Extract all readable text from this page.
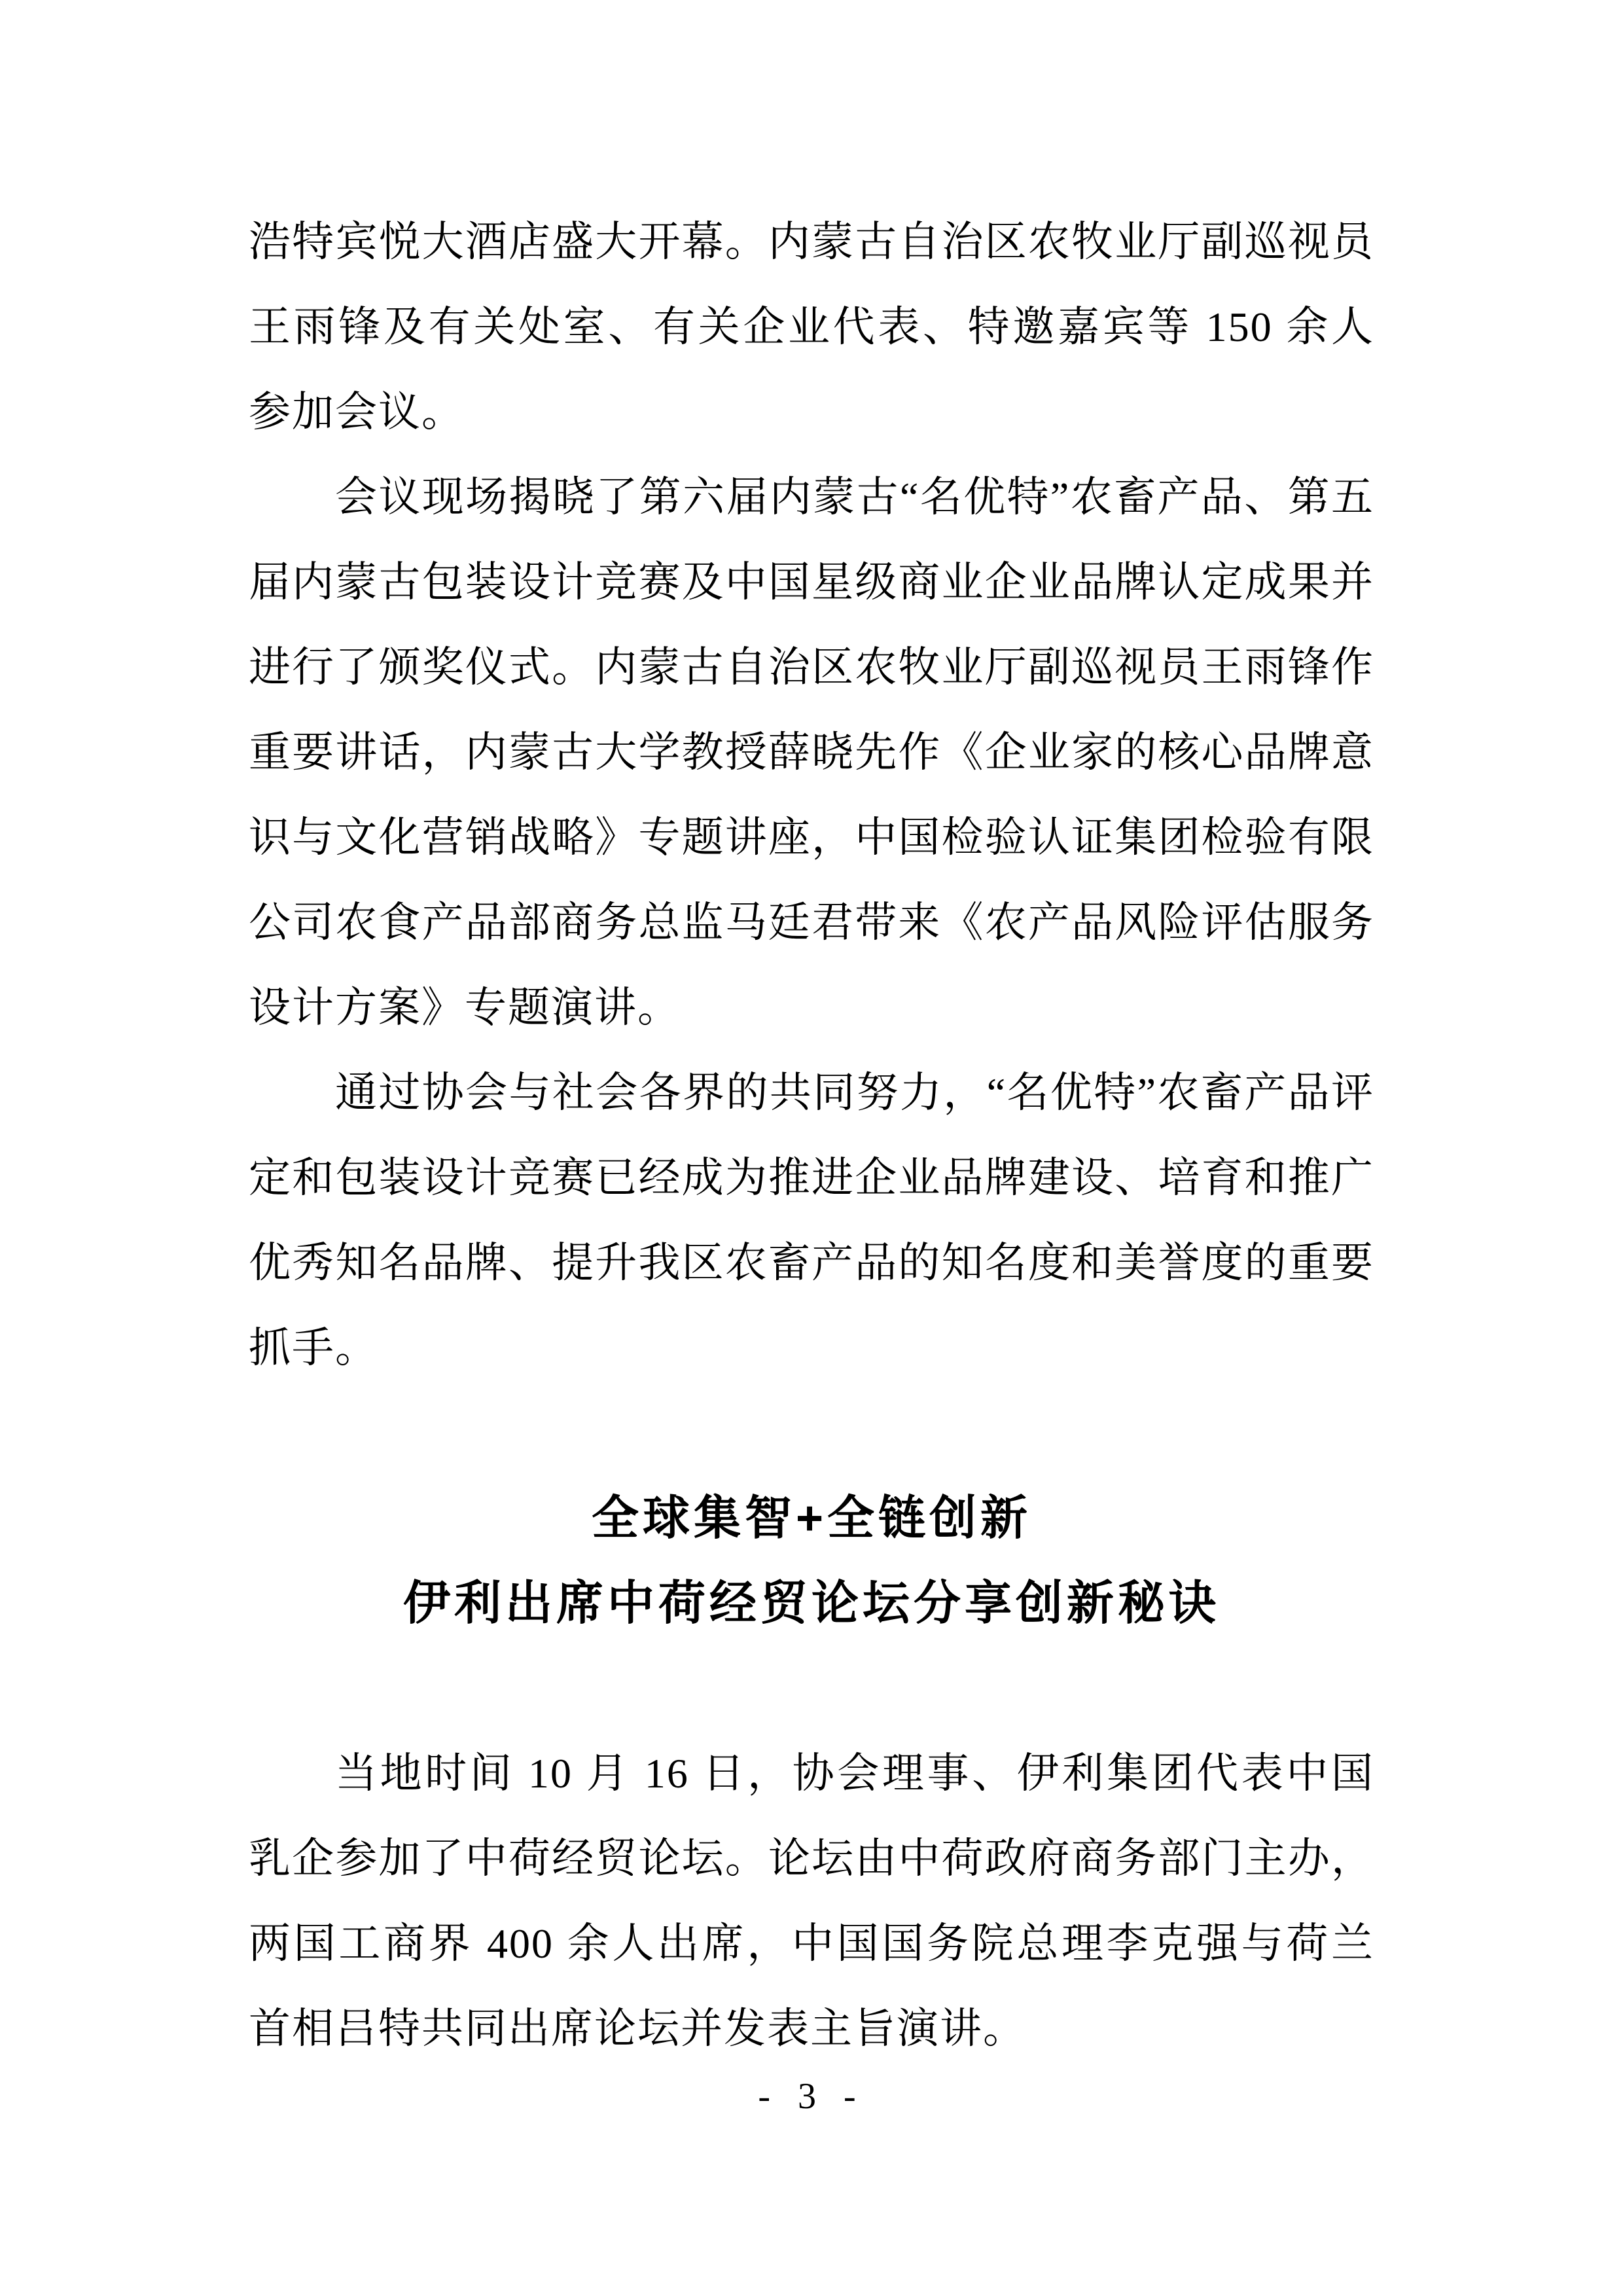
浩特宾悦大酒店盛大开幕。内蒙古自治区农牧业厅副巡视员王雨锋及有关处室、有关企业代表、特邀嘉宾等 150 余人参加会议。

会议现场揭晓了第六届内蒙古“名优特”农畜产品、第五届内蒙古包装设计竞赛及中国星级商业企业品牌认定成果并进行了颁奖仪式。内蒙古自治区农牧业厅副巡视员王雨锋作重要讲话，内蒙古大学教授薛晓先作《企业家的核心品牌意识与文化营销战略》专题讲座，中国检验认证集团检验有限公司农食产品部商务总监马廷君带来《农产品风险评估服务设计方案》专题演讲。

通过协会与社会各界的共同努力，“名优特”农畜产品评定和包装设计竞赛已经成为推进企业品牌建设、培育和推广优秀知名品牌、提升我区农畜产品的知名度和美誉度的重要抓手。

全球集智+全链创新
伊利出席中荷经贸论坛分享创新秘诀

当地时间 10 月 16 日，协会理事、伊利集团代表中国乳企参加了中荷经贸论坛。论坛由中荷政府商务部门主办，两国工商界 400 余人出席，中国国务院总理李克强与荷兰首相吕特共同出席论坛并发表主旨演讲。

- 3 -
